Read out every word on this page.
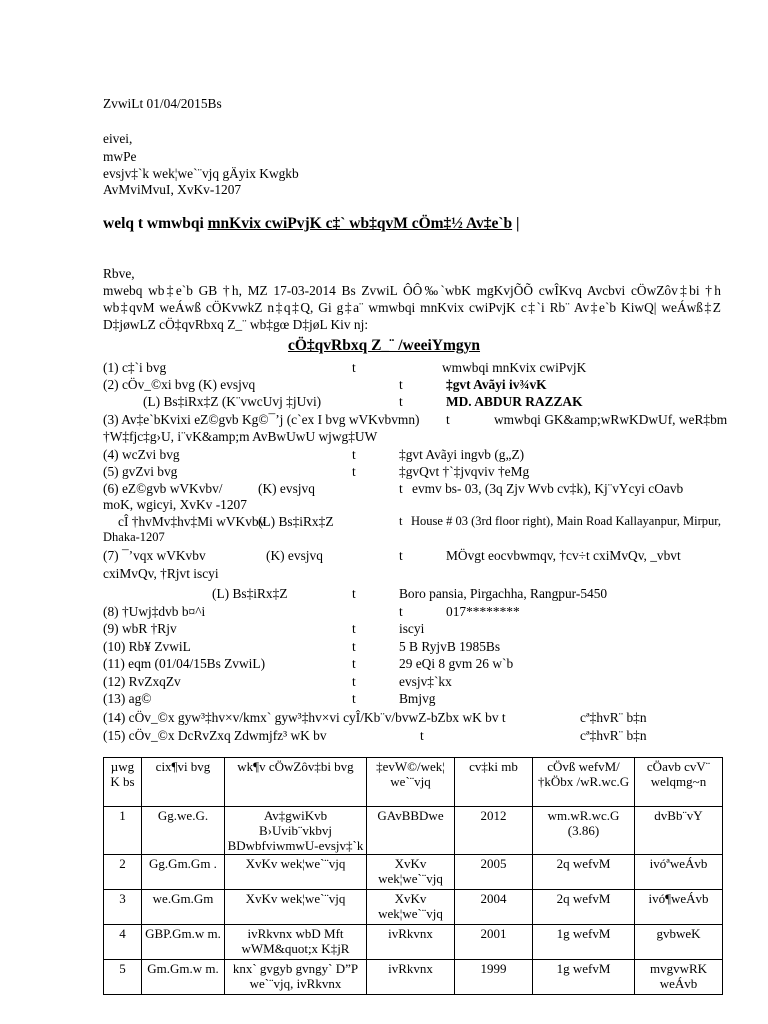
ZvwiLt 01/04/2015Bs
eivei,
mwPe
evsjv‡`k wek¦we`¨vjq gÄyix Kwgkb
AvMviMvuI, XvKv-1207
welq t wmwbqi mnKvix cwiPvjK c‡` wb‡qvM cÖm‡½ Av‡e`b |
Rbve,
mwebq wb‡e`b GB †h, MZ 17-03-2014 Bs ZvwiL ÔÔ‰`wbK mgKvjÕÕ cwÎKvq Avcbvi cÖwZôv‡bi †h wb‡qvM weÁwß cÖKvwkZ n‡q‡Q, Gi g‡a¨ wmwbqi mnKvix cwiPvjK c‡`i Rb¨ Av‡e`b KiwQ| weÁwß‡Z D‡jøwLZ cÖ‡qvRbxq Z_¨ wb‡gœ D‡jøL Kiv nj:
cÖ‡qvRbxq Z_¨ /weeiYmgyn
(1) c‡`i bvg	t	wmwbqi mnKvix cwiPvjK
(2) cÖv_©xi bvg (K) evsjvq	t	‡gvt Avãyi iv¾vK
(L) Bs‡iRx‡Z (K¨vwcUvj ‡jUvi)	t	MD. ABDUR RAZZAK
(3) Av‡e`bKvixi eZ©gvb Kg©¯’j (c`ex I bvg wVKvbvmn) t	wmwbqi GK&amp;wRwKDwUf, weR‡bm
†W‡fjc‡g›U, i¨vK&amp;m AvBwUwU wjwg‡UW
(4) wcZvi bvg	t	‡gvt Avãyi ingvb (g„Z)
(5) gvZvi bvg	t	‡gvQvt †`‡jvqviv †eMg
(6) eZ©gvb wVKvbv/	(K) evsjvq	t evmv bs- 03, (3q Zjv Wvb cv‡k), Kj¨vYcyi cOavb
moK, wgicyi, XvKv -1207
cÎ †hvMv‡hv‡Mi wVKvbv
(L) Bs‡iRx‡Z	t House # 03 (3rd floor right), Main Road Kallayanpur, Mirpur,
Dhaka-1207
(7) ¯’vqx wVKvbv	(K) evsjvq	t	MÖvgt eocvbwmqv, †cv÷t cxiMvQv, _vbvt
cxiMvQv, †Rjvt iscyi
(L) Bs‡iRx‡Z	t	Boro pansia, Pirgachha, Rangpur-5450
(8) †Uwj‡dvb b¤^i	t	017********
(9) wbR †Rjv	t	iscyi
(10) Rb¥ ZvwiL	t	5 B RyjvB 1985Bs
(11) eqm (01/04/15Bs ZvwiL)	t	29 eQi 8 gvm 26 w`b
(12) RvZxqZv	t	evsjv‡`kx
(13) ag©	t	Bmjvg
(14) cÖv_©x gyw³‡hv×v/kmx` gyw³‡hv×vi cyÎ/Kb¨v/bvwZ-bZbx wK bv t	cª‡hvR¨ b‡n
(15) cÖv_©x DcRvZxq Zdwmjfz³ wK bv	t	cª‡hvR¨ b‡n
µwg K bs	cix¶vi bvg	wk¶v cÖwZôv‡bi bvg	‡evW©/wek¦ we`¨vjq	cv‡ki mb	cÖvß wefvM/†kÖbx /wR.wc.G	cÖavb cvV¨ welqmg~n
1	Gg.we.G.	Av‡gwiKvb B›Uvib¨vkbvj BDwbfviwmwU-evsjv‡`k	GAvBBDwe	2012	wm.wR.wc.G (3.86)	dvBb¨vY
2	Gg.Gm.Gm .	XvKv wek¦we`¨vjq	XvKv wek¦we`¨vjq	2005	2q wefvM	ivóªweÁvb
3	we.Gm.Gm	XvKv wek¦we`¨vjq	XvKv wek¦we`¨vjq	2004	2q wefvM	ivó¶weÁvb
4	GBP.Gm.w m.	ivRkvnx wbD Mft wWM&quot;x K‡jR	ivRkvnx	2001	1g wefvM	gvbweK
5	Gm.Gm.w m.	knx` gvgyb gvngy` D”P we`¨vjq, ivRkvnx	ivRkvnx	1999	1g wefvM	mvgvwRK weÁvb
